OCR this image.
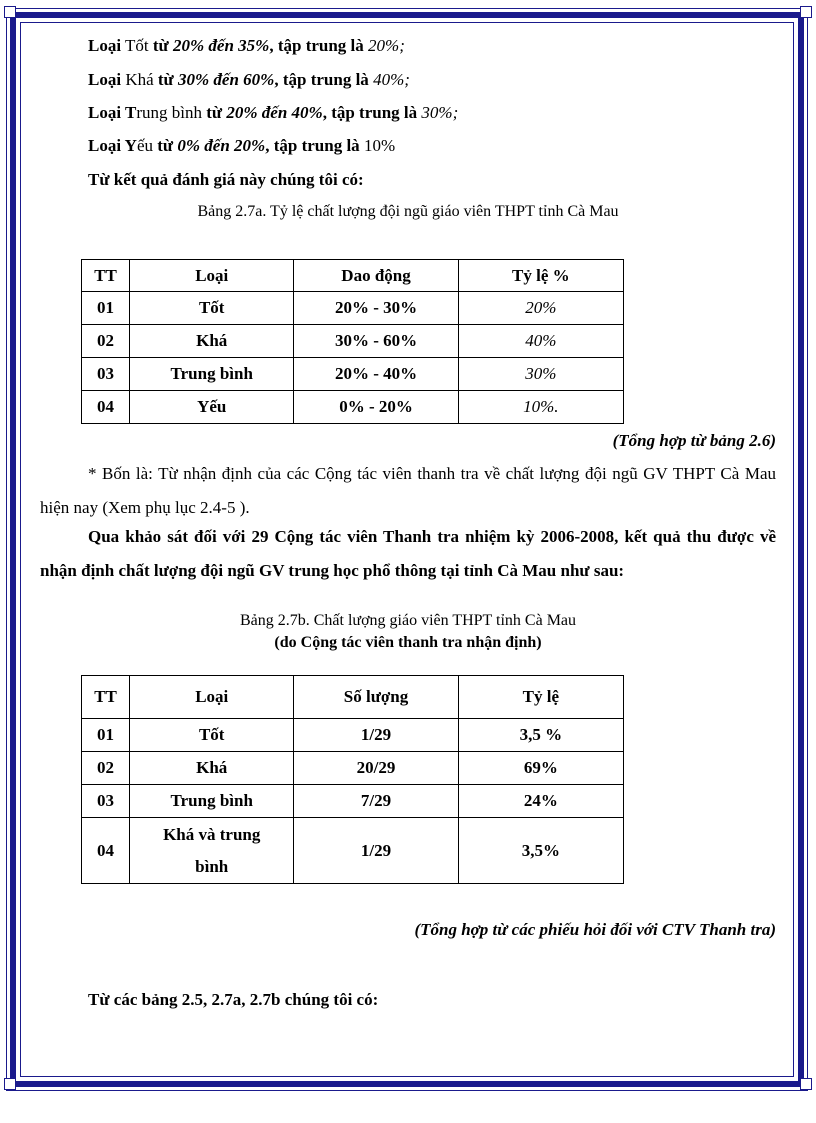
Loại Tốt từ 20% đến 35%, tập trung là 20%;
Loại Khá từ 30% đến 60%, tập trung là 40%;
Loại Trung bình từ 20% đến 40%, tập trung là 30%;
Loại Yếu từ 0% đến 20%, tập trung là 10%
Từ kết quả đánh giá này chúng tôi có:
Bảng 2.7a. Tỷ lệ chất lượng đội ngũ giáo viên THPT tỉnh Cà Mau
TT	Loại	Dao động	Tỷ lệ %
01	Tốt	20% - 30%	20%
02	Khá	30% - 60%	40%
03	Trung bình	20% - 40%	30%
04	Yếu	0% - 20%	10%.
(Tổng hợp từ bảng 2.6)
* Bốn là: Từ nhận định của các Cộng tác viên thanh tra về chất lượng đội ngũ GV THPT Cà Mau hiện nay (Xem phụ lục 2.4-5 ).
Qua khảo sát đối với 29 Cộng tác viên Thanh tra nhiệm kỳ 2006-2008, kết quả thu được về nhận định chất lượng đội ngũ GV trung học phổ thông tại tỉnh Cà Mau như sau:
Bảng 2.7b. Chất lượng giáo viên THPT tỉnh Cà Mau
(do Cộng tác viên thanh tra nhận định)
TT	Loại	Số lượng	Tỷ lệ
01	Tốt	1/29	3,5 %
02	Khá	20/29	69%
03	Trung bình	7/29	24%
04	Khá và trung bình	1/29	3,5%
(Tổng hợp từ các phiếu hỏi đối với CTV Thanh tra)
Từ các bảng 2.5, 2.7a, 2.7b chúng tôi có:
